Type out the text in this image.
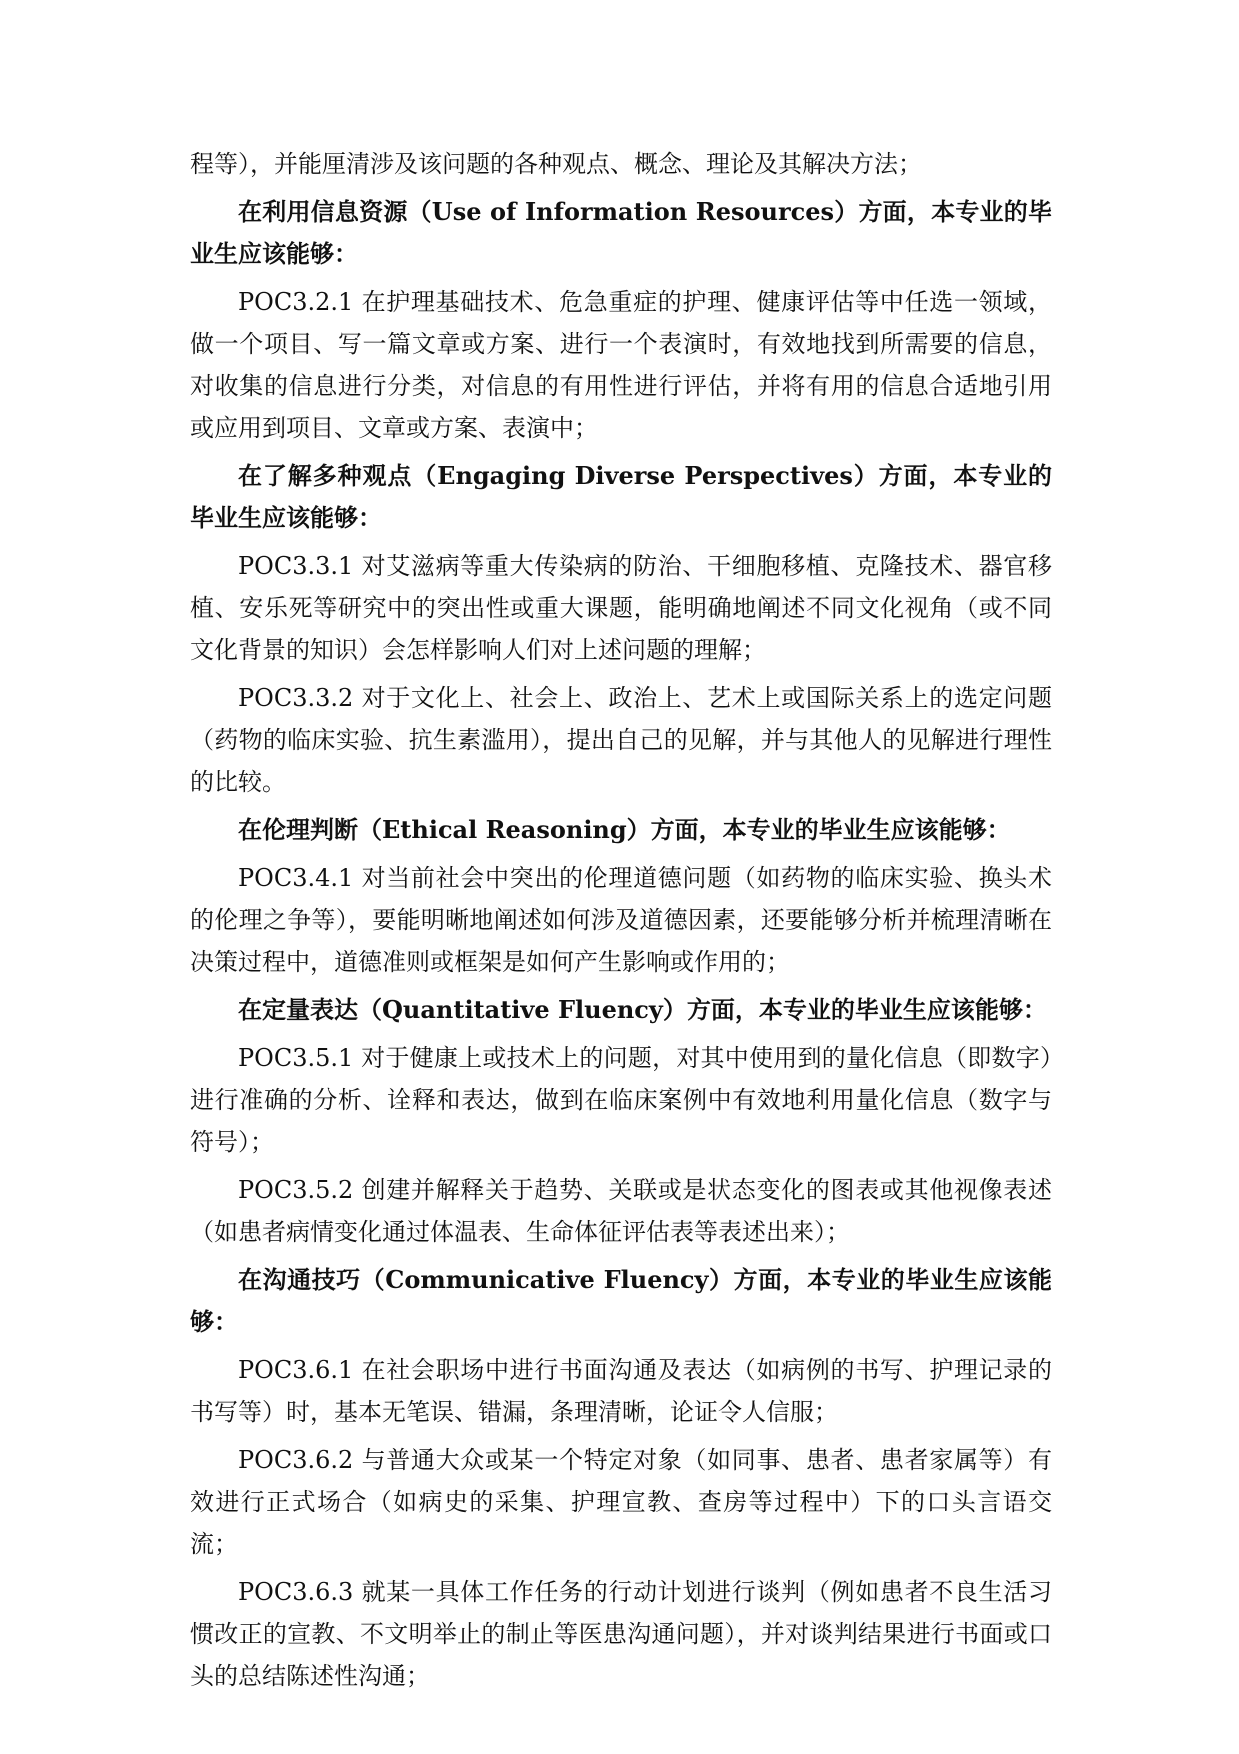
程等），并能厘清涉及该问题的各种观点、概念、理论及其解决方法；

在利用信息资源（Use of Information Resources）方面，本专业的毕业生应该能够：

POC3.2.1 在护理基础技术、危急重症的护理、健康评估等中任选一领域，做一个项目、写一篇文章或方案、进行一个表演时，有效地找到所需要的信息，对收集的信息进行分类，对信息的有用性进行评估，并将有用的信息合适地引用或应用到项目、文章或方案、表演中；

在了解多种观点（Engaging Diverse Perspectives）方面，本专业的毕业生应该能够：

POC3.3.1 对艾滋病等重大传染病的防治、干细胞移植、克隆技术、器官移植、安乐死等研究中的突出性或重大课题，能明确地阐述不同文化视角（或不同文化背景的知识）会怎样影响人们对上述问题的理解；

POC3.3.2 对于文化上、社会上、政治上、艺术上或国际关系上的选定问题（药物的临床实验、抗生素滥用），提出自己的见解，并与其他人的见解进行理性的比较。

在伦理判断（Ethical Reasoning）方面，本专业的毕业生应该能够：

POC3.4.1 对当前社会中突出的伦理道德问题（如药物的临床实验、换头术的伦理之争等），要能明晰地阐述如何涉及道德因素，还要能够分析并梳理清晰在决策过程中，道德准则或框架是如何产生影响或作用的；

在定量表达（Quantitative Fluency）方面，本专业的毕业生应该能够：

POC3.5.1 对于健康上或技术上的问题，对其中使用到的量化信息（即数字）进行准确的分析、诠释和表达，做到在临床案例中有效地利用量化信息（数字与符号）；

POC3.5.2 创建并解释关于趋势、关联或是状态变化的图表或其他视像表述（如患者病情变化通过体温表、生命体征评估表等表述出来）；

在沟通技巧（Communicative Fluency）方面，本专业的毕业生应该能够：

POC3.6.1 在社会职场中进行书面沟通及表达（如病例的书写、护理记录的书写等）时，基本无笔误、错漏，条理清晰，论证令人信服；

POC3.6.2 与普通大众或某一个特定对象（如同事、患者、患者家属等）有效进行正式场合（如病史的采集、护理宣教、查房等过程中）下的口头言语交流；

POC3.6.3 就某一具体工作任务的行动计划进行谈判（例如患者不良生活习惯改正的宣教、不文明举止的制止等医患沟通问题），并对谈判结果进行书面或口头的总结陈述性沟通；
